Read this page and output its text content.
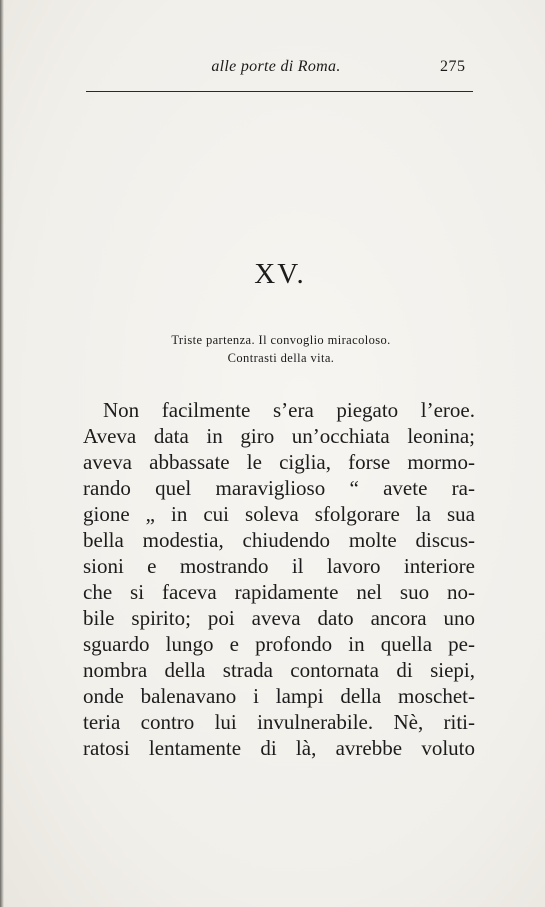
alle porte di Roma.	275
XV.
Triste partenza. Il convoglio miracoloso.
Contrasti della vita.
Non facilmente s’era piegato l’eroe.
Aveva data in giro un’occhiata leonina;
aveva abbassate le ciglia, forse mormo-
rando quel maraviglioso “ avete ra-
gione „ in cui soleva sfolgorare la sua
bella modestia, chiudendo molte discus-
sioni e mostrando il lavoro interiore
che si faceva rapidamente nel suo no-
bile spirito; poi aveva dato ancora uno
sguardo lungo e profondo in quella pe-
nombra della strada contornata di siepi,
onde balenavano i lampi della moschet-
teria contro lui invulnerabile. Nè, riti-
ratosi lentamente di là, avrebbe voluto
